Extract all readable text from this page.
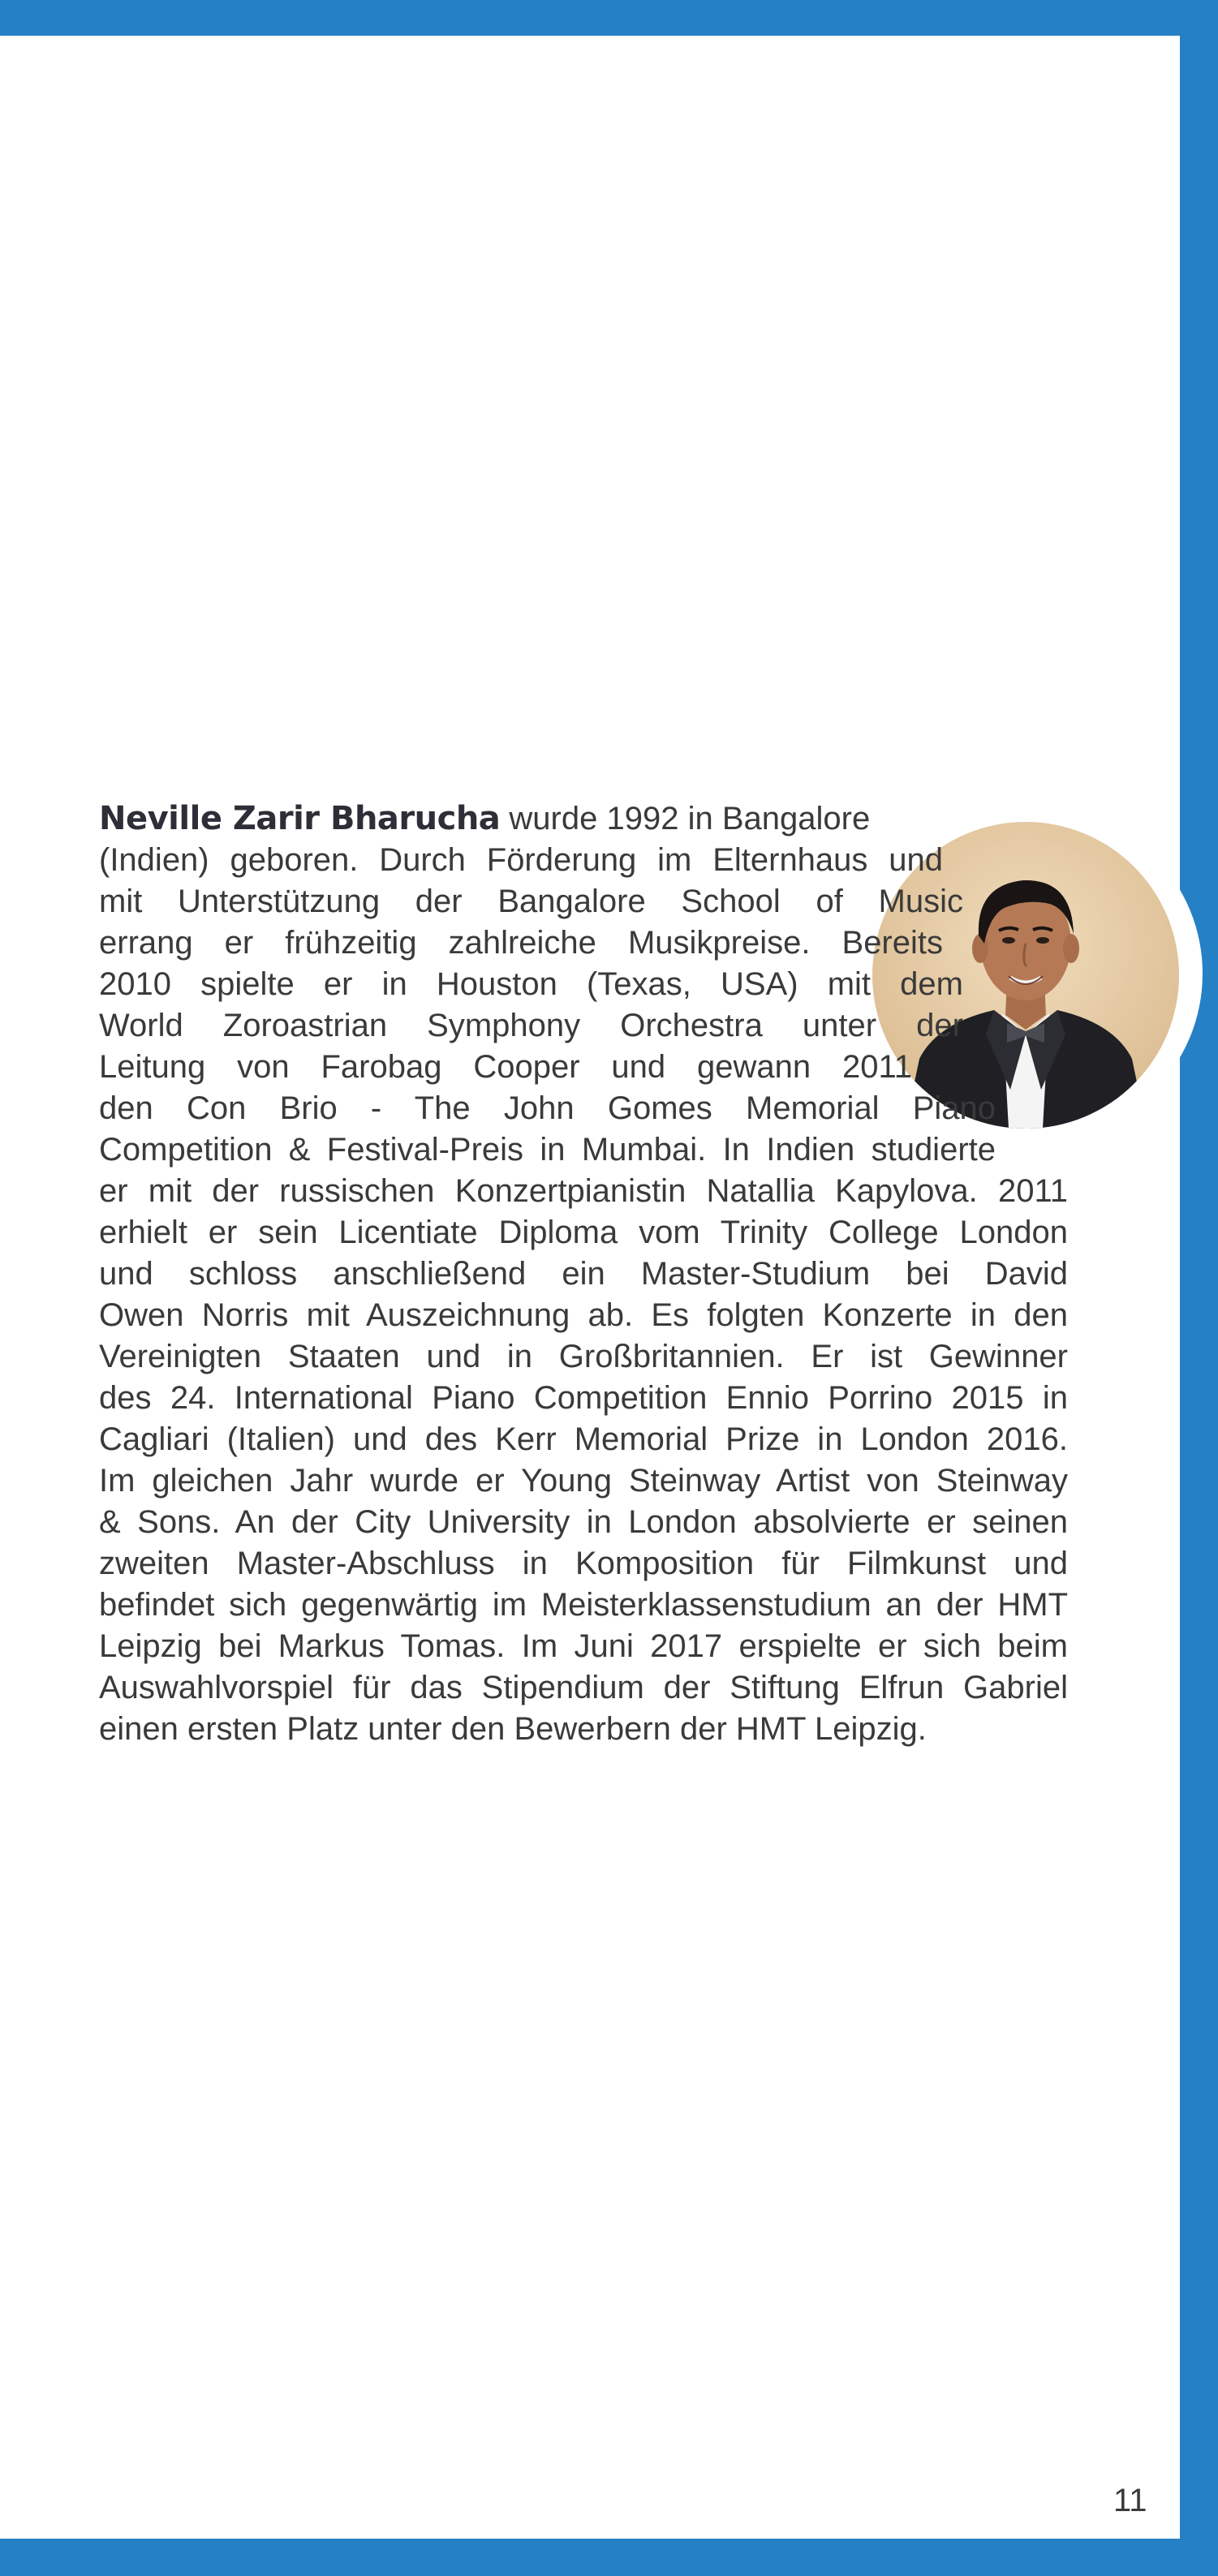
Neville Zarir Bharucha wurde 1992 in Bangalore
(Indien) geboren. Durch Förderung im Elternhaus und
mit Unterstützung der Bangalore School of Music
errang er frühzeitig zahlreiche Musikpreise. Bereits
2010 spielte er in Houston (Texas, USA) mit dem
World Zoroastrian Symphony Orchestra unter der
Leitung von Farobag Cooper und gewann 2011
den Con Brio - The John Gomes Memorial Piano
Competition & Festival-Preis in Mumbai. In Indien studierte
er mit der russischen Konzertpianistin Natallia Kapylova. 2011
erhielt er sein Licentiate Diploma vom Trinity College London
und schloss anschließend ein Master-Studium bei David
Owen Norris mit Auszeichnung ab. Es folgten Konzerte in den
Vereinigten Staaten und in Großbritannien. Er ist Gewinner
des 24. International Piano Competition Ennio Porrino 2015 in
Cagliari (Italien) und des Kerr Memorial Prize in London 2016.
Im gleichen Jahr wurde er Young Steinway Artist von Steinway
& Sons. An der City University in London absolvierte er seinen
zweiten Master-Abschluss in Komposition für Filmkunst und
befindet sich gegenwärtig im Meisterklassenstudium an der HMT
Leipzig bei Markus Tomas. Im Juni 2017 erspielte er sich beim
Auswahlvorspiel für das Stipendium der Stiftung Elfrun Gabriel
einen ersten Platz unter den Bewerbern der HMT Leipzig.
11
